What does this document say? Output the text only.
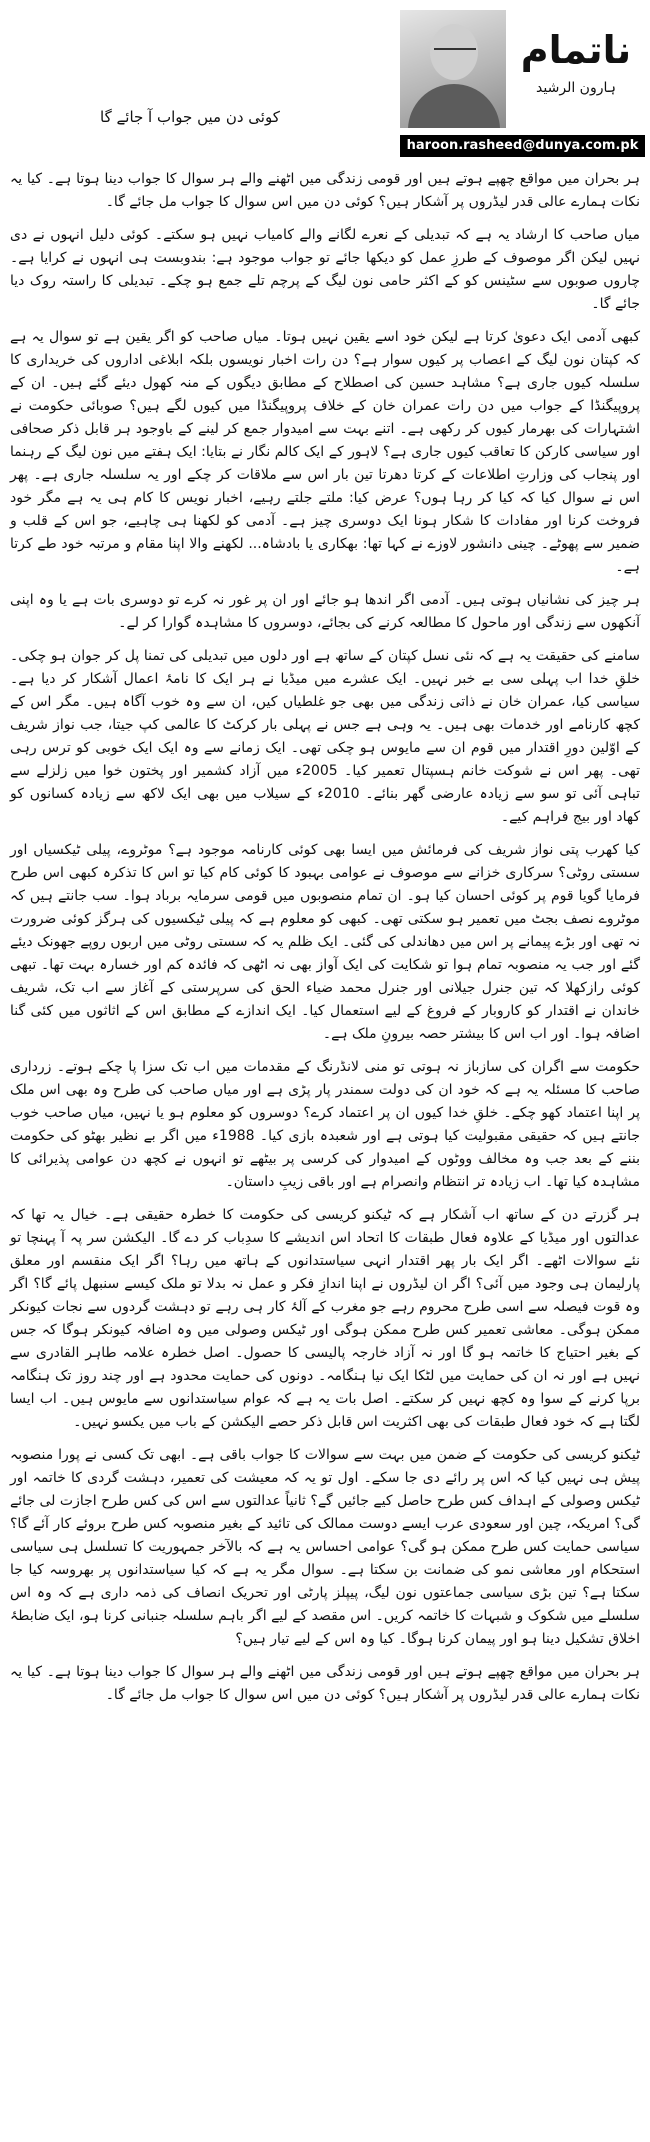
کوئی دن میں جواب آ جائے گا
ناتمام
ہارون الرشید
haroon.rasheed@dunya.com.pk

ہر بحران میں مواقع چھپے ہوتے ہیں اور قومی زندگی میں اٹھنے والے ہر سوال کا جواب دینا ہوتا ہے۔ کیا یہ نکات ہمارے عالی قدر لیڈروں پر آشکار ہیں؟ کوئی دن میں اس سوال کا جواب مل جائے گا۔

میاں صاحب کا ارشاد یہ ہے کہ تبدیلی کے نعرے لگانے والے کامیاب نہیں ہو سکتے۔ کوئی دلیل انہوں نے دی نہیں لیکن اگر موصوف کے طرزِ عمل کو دیکھا جائے تو جواب موجود ہے: بندوبست ہی انہوں نے کرایا ہے۔ چاروں صوبوں سے سٹینس کو کے اکثر حامی نون لیگ کے پرچم تلے جمع ہو چکے۔ تبدیلی کا راستہ روک دیا جائے گا۔

کبھی آدمی ایک دعویٰ کرتا ہے لیکن خود اسے یقین نہیں ہوتا۔ میاں صاحب کو اگر یقین ہے تو سوال یہ ہے کہ کپتان نون لیگ کے اعصاب پر کیوں سوار ہے؟ دن رات اخبار نویسوں بلکہ ابلاغی اداروں کی خریداری کا سلسلہ کیوں جاری ہے؟ مشاہد حسین کی اصطلاح کے مطابق دیگوں کے منہ کھول دیئے گئے ہیں۔ ان کے پروپیگنڈا کے جواب میں دن رات عمران خان کے خلاف پروپیگنڈا میں کیوں لگے ہیں؟ صوبائی حکومت نے اشتہارات کی بھرمار کیوں کر رکھی ہے۔ اتنے بہت سے امیدوار جمع کر لینے کے باوجود ہر قابل ذکر صحافی اور سیاسی کارکن کا تعاقب کیوں جاری ہے؟ لاہور کے ایک کالم نگار نے بتایا: ایک ہفتے میں نون لیگ کے رہنما اور پنجاب کی وزارتِ اطلاعات کے کرتا دھرتا تین بار اس سے ملاقات کر چکے اور یہ سلسلہ جاری ہے۔ پھر اس نے سوال کیا کہ کیا کر رہا ہوں؟ عرض کیا: ملتے جلتے رہیے، اخبار نویس کا کام ہی یہ ہے مگر خود فروخت کرنا اور مفادات کا شکار ہونا ایک دوسری چیز ہے۔ آدمی کو لکھنا ہی چاہیے، جو اس کے قلب و ضمیر سے پھوٹے۔ چینی دانشور لاوزے نے کہا تھا: بھکاری یا بادشاہ... لکھنے والا اپنا مقام و مرتبہ خود طے کرتا ہے۔

ہر چیز کی نشانیاں ہوتی ہیں۔ آدمی اگر اندھا ہو جائے اور ان پر غور نہ کرے تو دوسری بات ہے یا وہ اپنی آنکھوں سے زندگی اور ماحول کا مطالعہ کرنے کی بجائے، دوسروں کا مشاہدہ گوارا کر لے۔

سامنے کی حقیقت یہ ہے کہ نئی نسل کپتان کے ساتھ ہے اور دلوں میں تبدیلی کی تمنا پل کر جوان ہو چکی۔ خلقِ خدا اب پہلی سی بے خبر نہیں۔ ایک عشرے میں میڈیا نے ہر ایک کا نامۂ اعمال آشکار کر دیا ہے۔ سیاسی کیا، عمران خان نے ذاتی زندگی میں بھی جو غلطیاں کیں، ان سے وہ خوب آگاہ ہیں۔ مگر اس کے کچھ کارنامے اور خدمات بھی ہیں۔ یہ وہی ہے جس نے پہلی بار کرکٹ کا عالمی کپ جیتا، جب نواز شریف کے اوّلین دورِ اقتدار میں قوم ان سے مایوس ہو چکی تھی۔ ایک زمانے سے وہ ایک ایک خوبی کو ترس رہی تھی۔ پھر اس نے شوکت خانم ہسپتال تعمیر کیا۔ 2005ء میں آزاد کشمیر اور پختون خوا میں زلزلے سے تباہی آئی تو سو سے زیادہ عارضی گھر بنائے۔ 2010ء کے سیلاب میں بھی ایک لاکھ سے زیادہ کسانوں کو کھاد اور بیج فراہم کیے۔

کیا کھرب پتی نواز شریف کی فرمائش میں ایسا بھی کوئی کارنامہ موجود ہے؟ موٹروے، پیلی ٹیکسیاں اور سستی روٹی؟ سرکاری خزانے سے موصوف نے عوامی بہبود کا کوئی کام کیا تو اس کا تذکرہ کبھی اس طرح فرمایا گویا قوم پر کوئی احسان کیا ہو۔ ان تمام منصوبوں میں قومی سرمایہ برباد ہوا۔ سب جانتے ہیں کہ موٹروے نصف بجٹ میں تعمیر ہو سکتی تھی۔ کبھی کو معلوم ہے کہ پیلی ٹیکسیوں کی ہرگز کوئی ضرورت نہ تھی اور بڑے پیمانے پر اس میں دھاندلی کی گئی۔ ایک ظلم یہ کہ سستی روٹی میں اربوں روپے جھونک دیئے گئے اور جب یہ منصوبہ تمام ہوا تو شکایت کی ایک آواز بھی نہ اٹھی کہ فائدہ کم اور خسارہ بہت تھا۔ تبھی کوئی رازکھلا کہ تین جنرل جیلانی اور جنرل محمد ضیاء الحق کی سرپرستی کے آغاز سے اب تک، شریف خاندان نے اقتدار کو کاروبار کے فروغ کے لیے استعمال کیا۔ ایک اندازے کے مطابق اس کے اثاثوں میں کئی گنا اضافہ ہوا۔ اور اب اس کا بیشتر حصہ بیرونِ ملک ہے۔

حکومت سے اگران کی سازباز نہ ہوتی تو منی لانڈرنگ کے مقدمات میں اب تک سزا پا چکے ہوتے۔ زرداری صاحب کا مسئلہ یہ ہے کہ خود ان کی دولت سمندر پار پڑی ہے اور میاں صاحب کی طرح وہ بھی اس ملک پر اپنا اعتماد کھو چکے۔ خلقِ خدا کیوں ان پر اعتماد کرے؟ دوسروں کو معلوم ہو یا نہیں، میاں صاحب خوب جانتے ہیں کہ حقیقی مقبولیت کیا ہوتی ہے اور شعبدہ بازی کیا۔ 1988ء میں اگر بے نظیر بھٹو کی حکومت بننے کے بعد جب وہ مخالف ووٹوں کے امیدوار کی کرسی پر بیٹھے تو انہوں نے کچھ دن عوامی پذیرائی کا مشاہدہ کیا تھا۔ اب زیادہ تر انتظام وانصرام ہے اور باقی زیبِ داستان۔

ہر گزرتے دن کے ساتھ اب آشکار ہے کہ ٹیکنو کریسی کی حکومت کا خطرہ حقیقی ہے۔ خیال یہ تھا کہ عدالتوں اور میڈیا کے علاوہ فعال طبقات کا اتحاد اس اندیشے کا سدِباب کر دے گا۔ الیکشن سر پہ آ پہنچا تو نئے سوالات اٹھے۔ اگر ایک بار پھر اقتدار انہی سیاستدانوں کے ہاتھ میں رہا؟ اگر ایک منقسم اور معلق پارلیمان ہی وجود میں آئی؟ اگر ان لیڈروں نے اپنا اندازِ فکر و عمل نہ بدلا تو ملک کیسے سنبھل پائے گا؟ اگر وہ قوت فیصلہ سے اسی طرح محروم رہے جو مغرب کے آلۂ کار ہی رہے تو دہشت گردوں سے نجات کیونکر ممکن ہوگی۔ معاشی تعمیر کس طرح ممکن ہوگی اور ٹیکس وصولی میں وہ اضافہ کیونکر ہوگا کہ جس کے بغیر احتیاج کا خاتمہ ہو گا اور نہ آزاد خارجہ پالیسی کا حصول۔ اصل خطرہ علامہ طاہر القادری سے نہیں ہے اور نہ ان کی حمایت میں لٹکا ایک نیا ہنگامہ۔ دونوں کی حمایت محدود ہے اور چند روز تک ہنگامہ برپا کرنے کے سوا وہ کچھ نہیں کر سکتے۔ اصل بات یہ ہے کہ عوام سیاستدانوں سے مایوس ہیں۔ اب ایسا لگتا ہے کہ خود فعال طبقات کی بھی اکثریت اس قابل ذکر حصے الیکشن کے باب میں یکسو نہیں۔

ٹیکنو کریسی کی حکومت کے ضمن میں بہت سے سوالات کا جواب باقی ہے۔ ابھی تک کسی نے پورا منصوبہ پیش ہی نہیں کیا کہ اس پر رائے دی جا سکے۔ اول تو یہ کہ معیشت کی تعمیر، دہشت گردی کا خاتمہ اور ٹیکس وصولی کے اہداف کس طرح حاصل کیے جائیں گے؟ ثانیاً عدالتوں سے اس کی کس طرح اجازت لی جائے گی؟ امریکہ، چین اور سعودی عرب ایسے دوست ممالک کی تائید کے بغیر منصوبہ کس طرح بروئے کار آئے گا؟ سیاسی حمایت کس طرح ممکن ہو گی؟ عوامی احساس یہ ہے کہ بالآخر جمہوریت کا تسلسل ہی سیاسی استحکام اور معاشی نمو کی ضمانت بن سکتا ہے۔ سوال مگر یہ ہے کہ کیا سیاستدانوں پر بھروسہ کیا جا سکتا ہے؟ تین بڑی سیاسی جماعتوں نون لیگ، پیپلز پارٹی اور تحریک انصاف کی ذمہ داری ہے کہ وہ اس سلسلے میں شکوک و شبہات کا خاتمہ کریں۔ اس مقصد کے لیے اگر باہم سلسلہ جنبانی کرنا ہو، ایک ضابطۂ اخلاق تشکیل دینا ہو اور پیمان کرنا ہوگا۔ کیا وہ اس کے لیے تیار ہیں؟

ہر بحران میں مواقع چھپے ہوتے ہیں اور قومی زندگی میں اٹھنے والے ہر سوال کا جواب دینا ہوتا ہے۔ کیا یہ نکات ہمارے عالی قدر لیڈروں پر آشکار ہیں؟ کوئی دن میں اس سوال کا جواب مل جائے گا۔
